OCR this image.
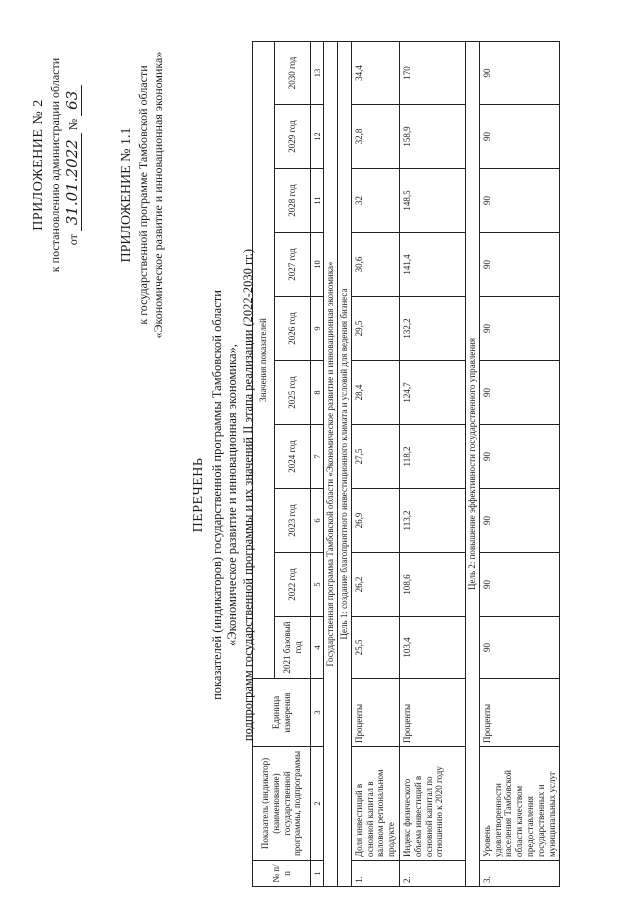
ПРИЛОЖЕНИЕ № 2 к постановлению администрации области от 31.01.2022 № 63
ПРИЛОЖЕНИЕ № 1.1 к государственной программе Тамбовской области «Экономическое развитие и инновационная экономика»
ПЕРЕЧЕНЬ показателей (индикаторов) государственной программы Тамбовской области «Экономическое развитие и инновационная экономика», подпрограмм государственной программы и их значений II этапа реализации (2022-2030 гг.)
№ п/п	Показатель (индикатор) (наименование) государственной программы, подпрограммы	Единица измерения	Значения показателей									
			2021 базовый год	2022 год	2023 год	2024 год	2025 год	2026 год	2027 год	2028 год	2029 год	2030 год
1	2	3	4	5	6	7	8	9	10	11	12	13
Государственная программа Тамбовской области «Экономическое развитие и инновационная экономика»												
Цель 1: создание благоприятного инвестиционного климата и условий для ведения бизнеса												
1.	Доля инвестиций в основной капитал в валовом региональном продукте	Проценты	25,5	26,2	26,9	27,5	28,4	29,5	30,6	32	32,8	34,4
2.	Индекс физического объема инвестиций в основной капитал по отношению к 2020 году	Проценты	103,4	108,6	113,2	118,2	124,7	132,2	141,4	148,5	158,9	170
Цель 2: повышение эффективности государственного управления												
3.	Уровень удовлетворенности населения Тамбовской области качеством предоставления государственных и муниципальных услуг	Проценты	90	90	90	90	90	90	90	90	90	90
